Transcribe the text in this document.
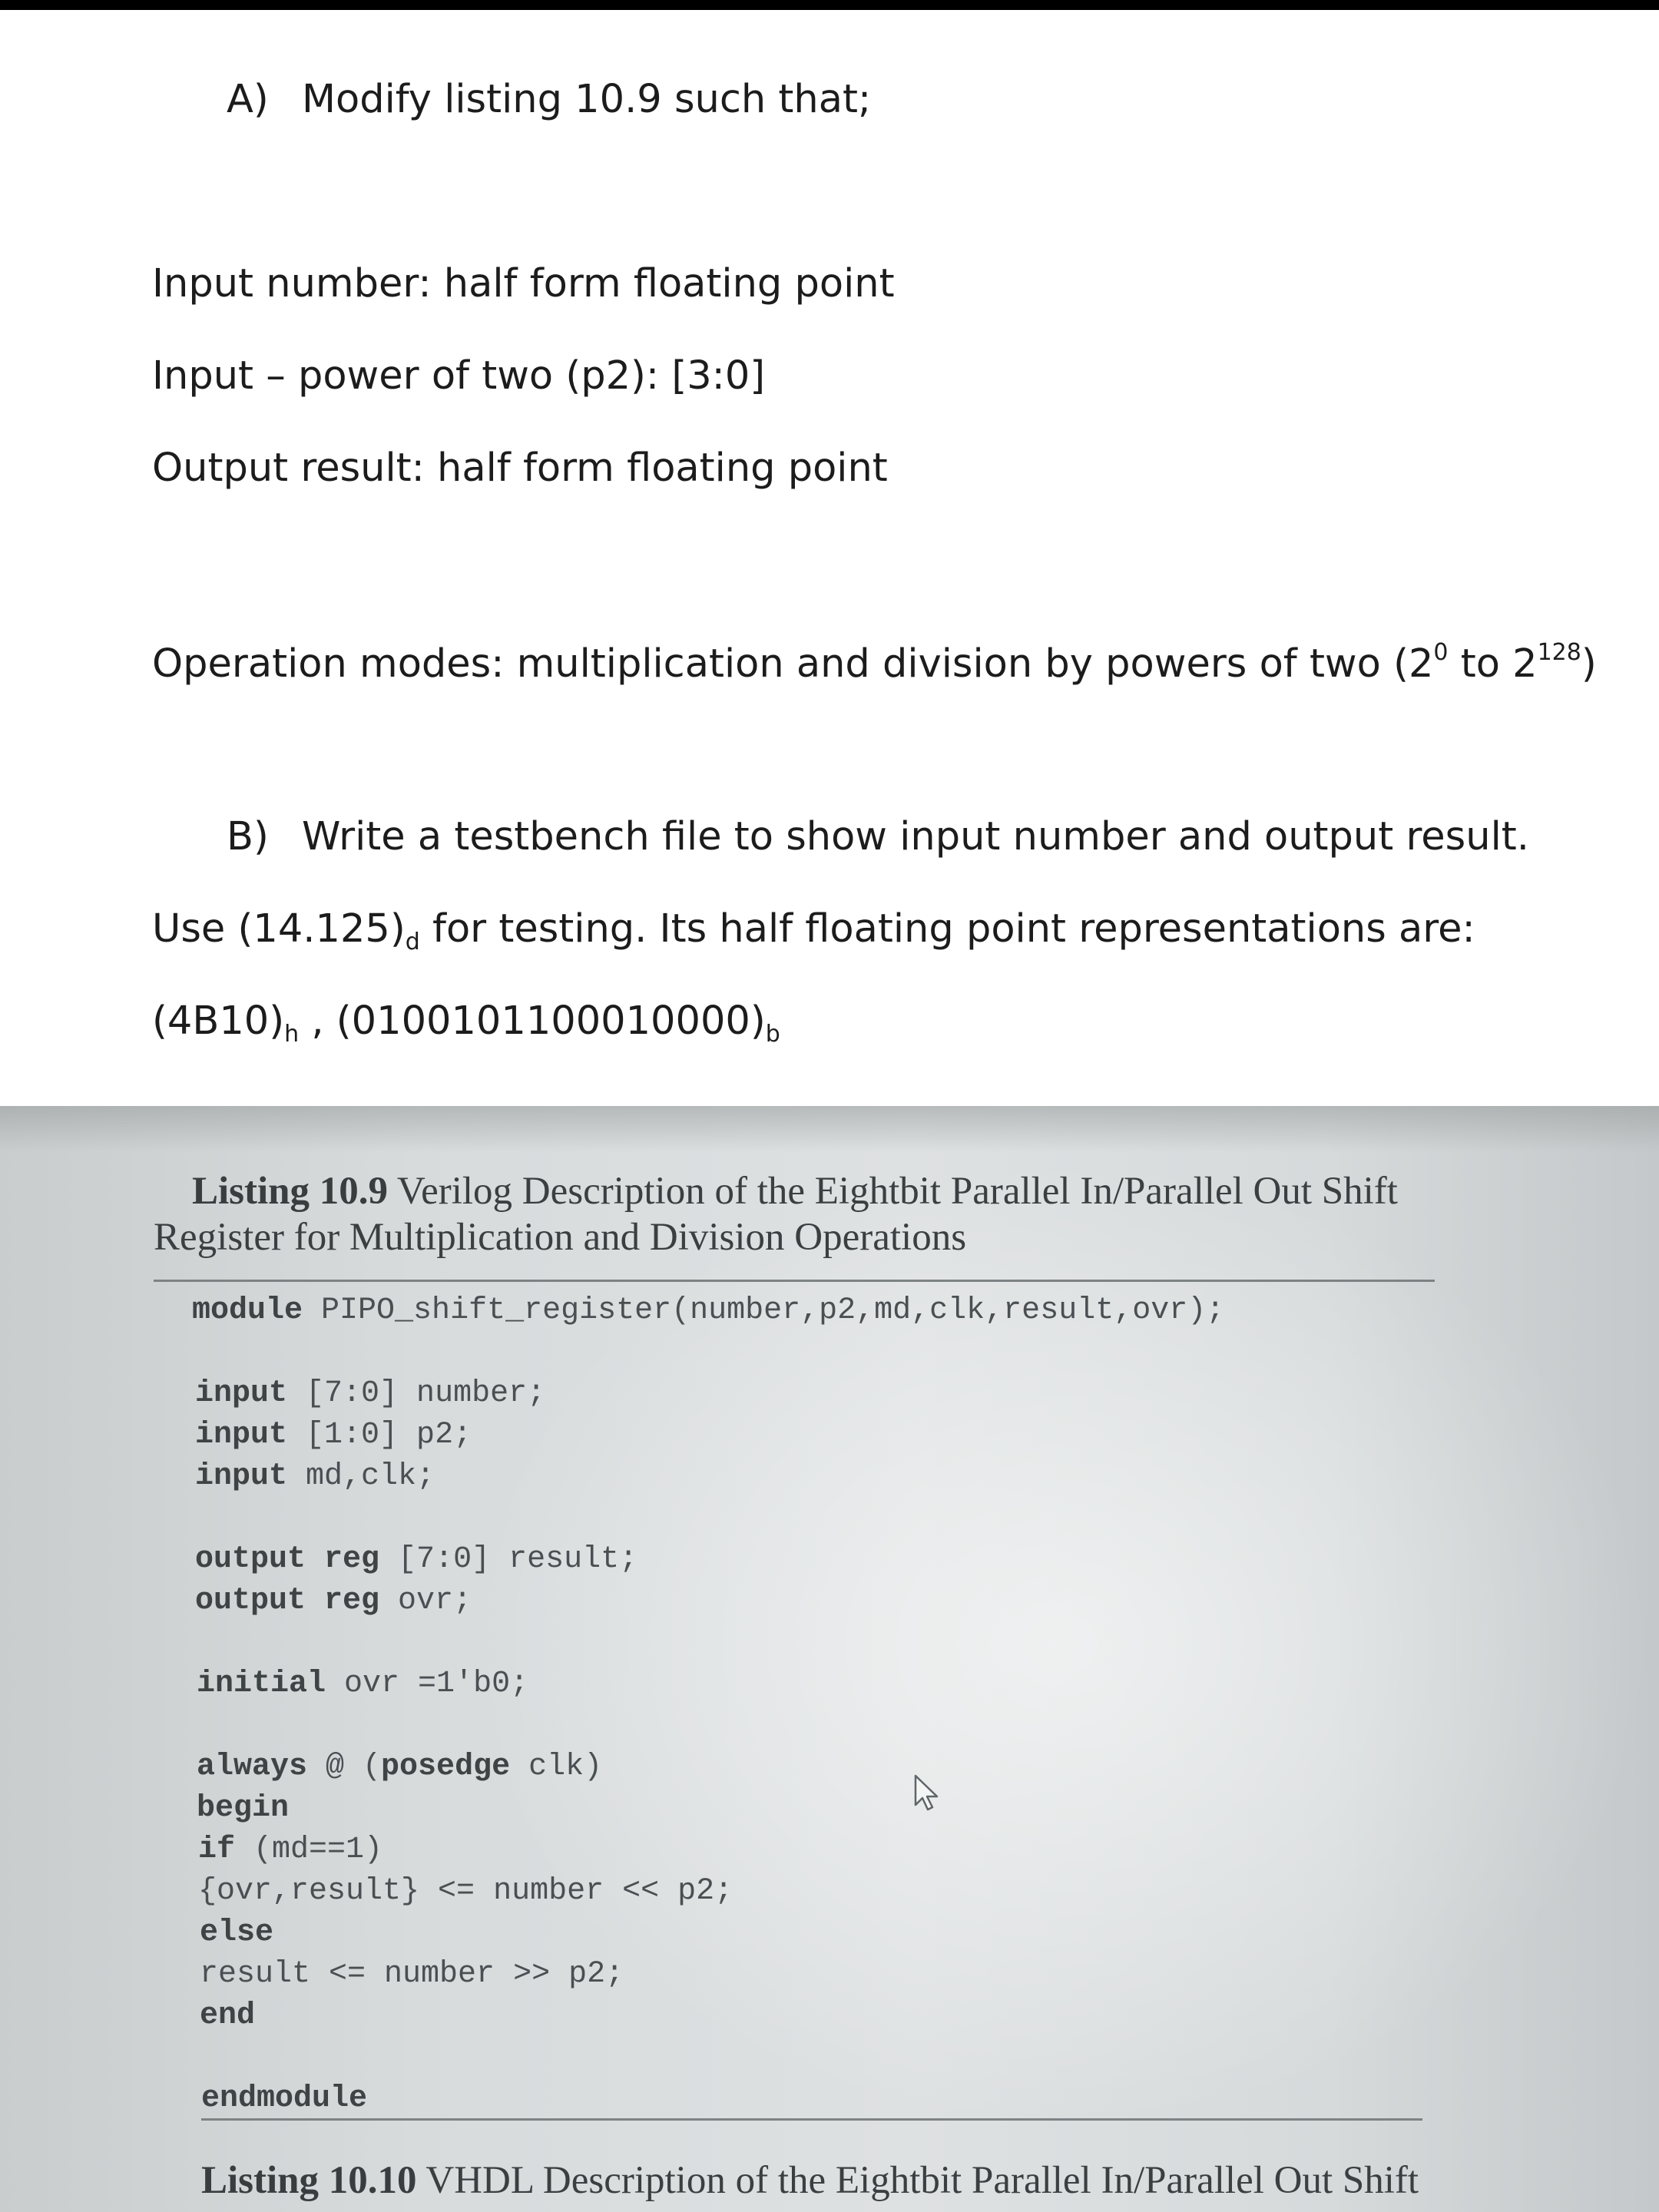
A) Modify listing 10.9 such that;
Input number: half form floating point
Input – power of two (p2): [3:0]
Output result: half form floating point
Operation modes: multiplication and division by powers of two ($2^0$ to $2^{128}$)
B) Write a testbench file to show input number and output result.
Use $(14.125)_d$ for testing. Its half floating point representations are:
$(4B10)_h$ , $(0100101100010000)_b$
Listing 10.9 Verilog Description of the Eightbit Parallel In/Parallel Out Shift
Register for Multiplication and Division Operations
module PIPO_shift_register(number,p2,md,clk,result,ovr);
input [7:0] number;
input [1:0] p2;
input md,clk;
output reg [7:0] result;
output reg ovr;
initial ovr =1'b0;
always @ (posedge clk)
begin
if (md==1)
{ovr,result} <= number << p2;
else
result <= number >> p2;
end
endmodule
Listing 10.10 VHDL Description of the Eightbit Parallel In/Parallel Out Shift
